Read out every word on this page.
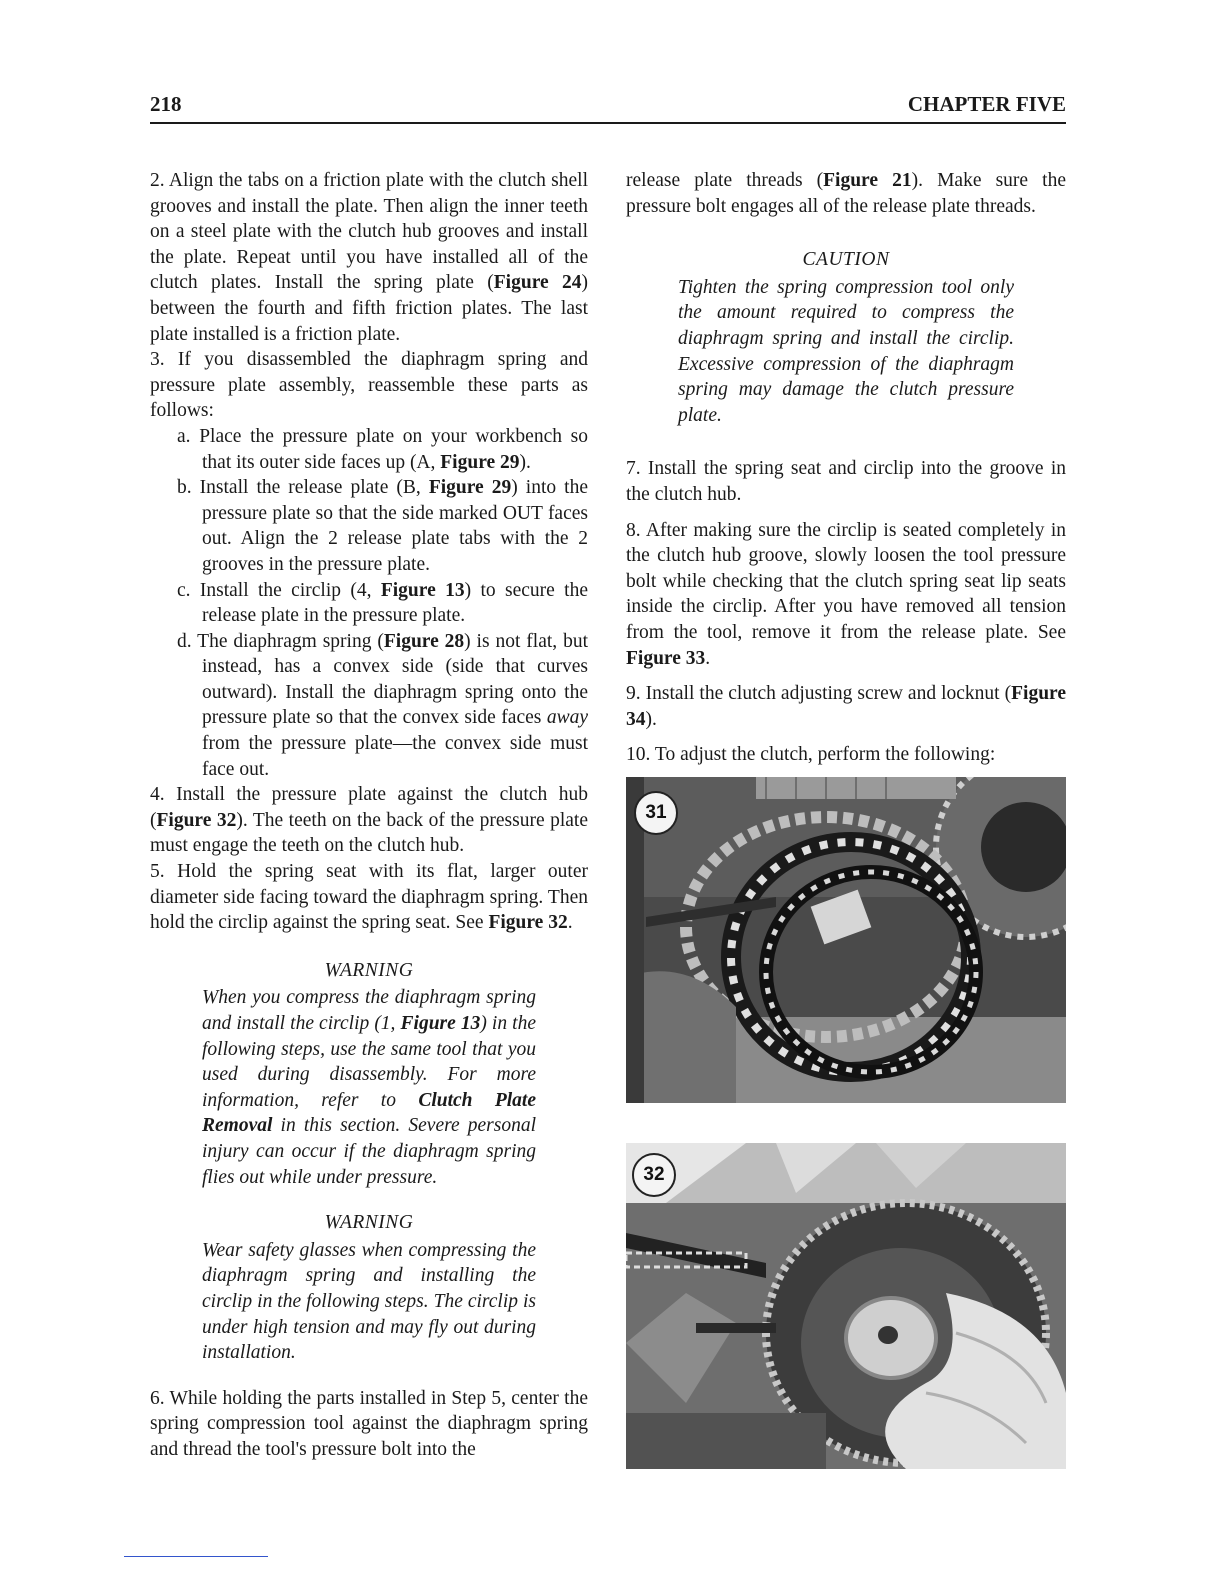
218	CHAPTER FIVE

2. Align the tabs on a friction plate with the clutch shell grooves and install the plate. Then align the inner teeth on a steel plate with the clutch hub grooves and install the plate. Repeat until you have installed all of the clutch plates. Install the spring plate (Figure 24) between the fourth and fifth friction plates. The last plate installed is a friction plate.

3. If you disassembled the diaphragm spring and pressure plate assembly, reassemble these parts as follows:

a. Place the pressure plate on your workbench so that its outer side faces up (A, Figure 29).

b. Install the release plate (B, Figure 29) into the pressure plate so that the side marked OUT faces out. Align the 2 release plate tabs with the 2 grooves in the pressure plate.

c. Install the circlip (4, Figure 13) to secure the release plate in the pressure plate.

d. The diaphragm spring (Figure 28) is not flat, but instead, has a convex side (side that curves outward). Install the diaphragm spring onto the pressure plate so that the convex side faces away from the pressure plate—the convex side must face out.

4. Install the pressure plate against the clutch hub (Figure 32). The teeth on the back of the pressure plate must engage the teeth on the clutch hub.

5. Hold the spring seat with its flat, larger outer diameter side facing toward the diaphragm spring. Then hold the circlip against the spring seat. See Figure 32.

WARNING
When you compress the diaphragm spring and install the circlip (1, Figure 13) in the following steps, use the same tool that you used during disassembly. For more information, refer to Clutch Plate Removal in this section. Severe personal injury can occur if the diaphragm spring flies out while under pressure.
WARNING
Wear safety glasses when compressing the diaphragm spring and installing the circlip in the following steps. The circlip is under high tension and may fly out during installation.

6. While holding the parts installed in Step 5, center the spring compression tool against the diaphragm spring and thread the tool's pressure bolt into the

release plate threads (Figure 21). Make sure the pressure bolt engages all of the release plate threads.

CAUTION
Tighten the spring compression tool only the amount required to compress the diaphragm spring and install the circlip. Excessive compression of the diaphragm spring may damage the clutch pressure plate.

7. Install the spring seat and circlip into the groove in the clutch hub.

8. After making sure the circlip is seated completely in the clutch hub groove, slowly loosen the tool pressure bolt while checking that the clutch spring seat lip seats inside the circlip. After you have removed all tension from the tool, remove it from the release plate. See Figure 33.

9. Install the clutch adjusting screw and locknut (Figure 34).

10. To adjust the clutch, perform the following:

31
32
